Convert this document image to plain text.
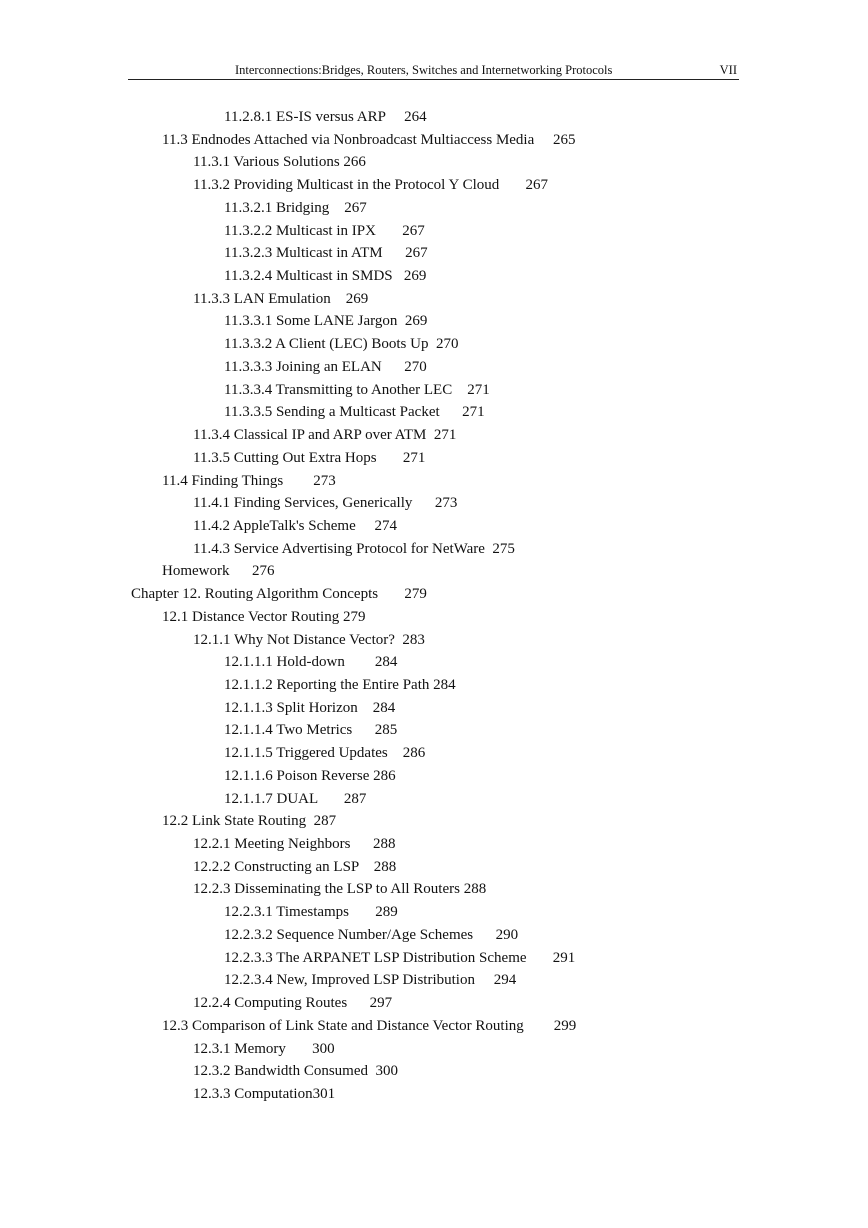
Interconnections:Bridges, Routers, Switches and Internetworking Protocols	VII
11.2.8.1 ES-IS versus ARP     264
11.3 Endnodes Attached via Nonbroadcast Multiaccess Media     265
11.3.1 Various Solutions 266
11.3.2 Providing Multicast in the Protocol Y Cloud       267
11.3.2.1 Bridging    267
11.3.2.2 Multicast in IPX       267
11.3.2.3 Multicast in ATM      267
11.3.2.4 Multicast in SMDS   269
11.3.3 LAN Emulation    269
11.3.3.1 Some LANE Jargon  269
11.3.3.2 A Client (LEC) Boots Up  270
11.3.3.3 Joining an ELAN      270
11.3.3.4 Transmitting to Another LEC    271
11.3.3.5 Sending a Multicast Packet      271
11.3.4 Classical IP and ARP over ATM  271
11.3.5 Cutting Out Extra Hops       271
11.4 Finding Things        273
11.4.1 Finding Services, Generically      273
11.4.2 AppleTalk's Scheme     274
11.4.3 Service Advertising Protocol for NetWare  275
Homework      276
Chapter 12. Routing Algorithm Concepts       279
12.1 Distance Vector Routing 279
12.1.1 Why Not Distance Vector?  283
12.1.1.1 Hold-down        284
12.1.1.2 Reporting the Entire Path 284
12.1.1.3 Split Horizon    284
12.1.1.4 Two Metrics      285
12.1.1.5 Triggered Updates    286
12.1.1.6 Poison Reverse 286
12.1.1.7 DUAL       287
12.2 Link State Routing  287
12.2.1 Meeting Neighbors      288
12.2.2 Constructing an LSP    288
12.2.3 Disseminating the LSP to All Routers 288
12.2.3.1 Timestamps       289
12.2.3.2 Sequence Number/Age Schemes      290
12.2.3.3 The ARPANET LSP Distribution Scheme       291
12.2.3.4 New, Improved LSP Distribution     294
12.2.4 Computing Routes      297
12.3 Comparison of Link State and Distance Vector Routing        299
12.3.1 Memory       300
12.3.2 Bandwidth Consumed  300
12.3.3 Computation301
